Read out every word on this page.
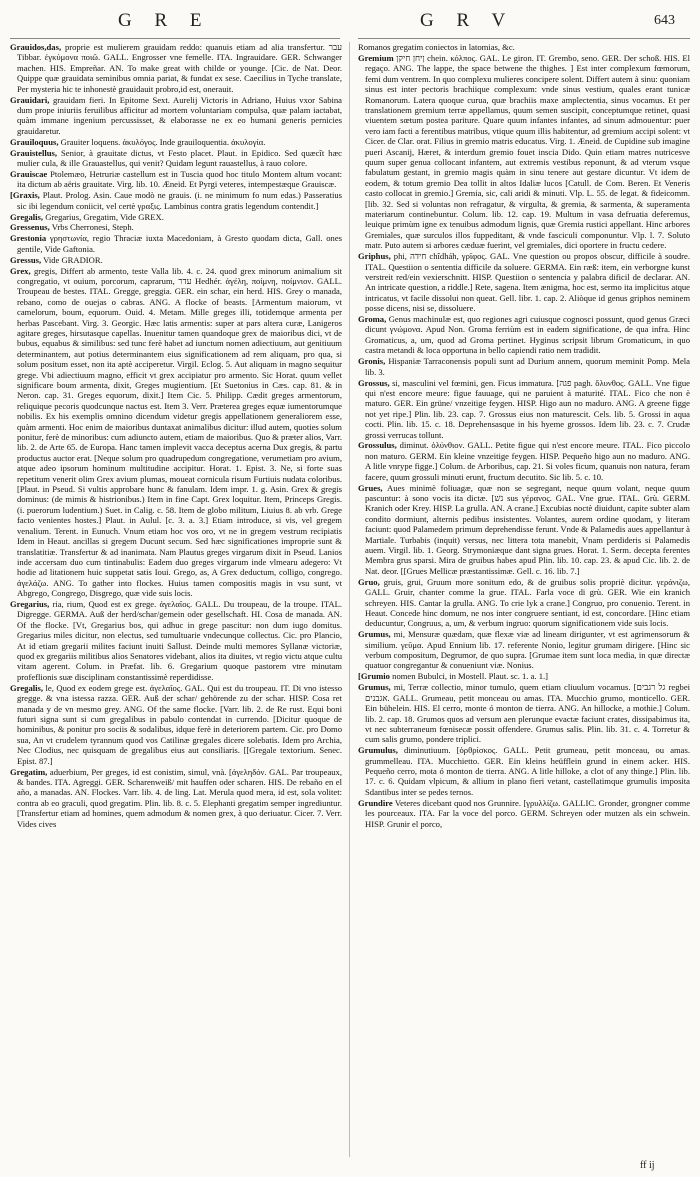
G R E	G R V	643

Grauidos,das, proprie est mulierem grauidam reddo: quanuis etiam ad alia transfertur. עבר Tibbar. ἐγκύμονα ποιῶ. GALL. Engrosser vne femelle. ITA. Ingrauidare. GER. Schwanger machen. HIS. Empreñar. AN. To make great with childe or younge. [Cic. de Nat. Deor. Quippe quæ grauidata seminibus omnia pariat, & fundat ex sese. Caecilius in Tyche translate, Per mysteria hic te inhonestè grauidauit probro,id est, onerauit.

Grauidari, grauidam fieri. In Epitome Sext. Aurelij Victoris in Adriano, Huius vxor Sabina dum prope iniuriis feruilibus afficitur ad mortem voluntariam compulsa, quæ palam iactabat, quàm immane ingenium percussisset, & elaborasse ne ex eo humani generis pernicies grauidaretur.

Grauiloquus, Grauiter loquens. ἀκυλόγος. Inde grauiloquentia. ἀκυλογία.

Grauistellus, Senior, à grauitate dictus, vt Festo placet. Plaut. in Epidico. Sed quæcît hæc mulier cula, & ille Grauastellus, qui venit? Quidam legunt rauastellus, à rauo colore.

Grauiscae Ptolemæo, Hetruriæ castellum est in Tuscia quod hoc titulo Montem altum vocant: ita dictum ab aëris grauitate. Virg. lib. 10. Æneid. Et Pyrgi veteres, intempestæque Grauiscæ.

[Graxis, Plaut. Prolog. Asin. Caue modò ne grauis. (i. ne minimum fo num edas.) Passeratius sic ibi legendum coniicit, vel certè γραξις. Lambinus contra gratis legendum contendit.]

Gregalis, Gregarius, Gregatim, Vide GREX.

Gressenus, Vrbs Cherronesi, Steph.

Grestonia γρηστωνία, regio Thraciæ iuxta Macedoniam, à Gresto quodam dicta, Gall. ones gentile, Vide Gaftonia.

Gressus, Vide GRADIOR.

Grex, gregis, Differt ab armento, teste Valla lib. 4. c. 24. quod grex minorum animalium sit congregatio, vt ouium, porcorum, caprarum, עדר Hedhér. ἀγέλη, ποίμνη, ποίμνιον. GALL. Troupeau de bestes. ITAL. Gregge, greggia. GER. ein schar, ein herd. HIS. Grey o manada, rebano, como de ouejas o cabras. ANG. A flocke of beasts. [Armentum maiorum, vt camelorum, boum, equorum. Ouid. 4. Metam. Mille greges illi, totidemque armenta per herbas Pascebant. Virg. 3. Georgic. Hæc latis armentis: super at pars altera curæ, Lanigeros agitare greges, hirsutasque capellas. Inuenitur tamen quandoque grex de maioribus dici, vt de bubus, equabus & similibus: sed tunc ferè habet ad iunctum nomen adiectiuum, aut genitiuum determinantem, aut potius determinantem eius significationem ad rem aliquam, pro qua, si solum positum esset, non ita aptè acciperetur. Virgil. Eclog. 5. Aut aliquam in magno sequitur grege. Vbi adiectiuum magno, efficit vt grex accipiatur pro armento. Sic Horat. quum vellet significare boum armenta, dixit, Greges mugientium. [Et Suetonius in Cæs. cap. 81. & in Neron. cap. 31. Greges equorum, dixit.] Item Cic. 5. Philipp. Cædit greges armentorum, reliquique pecoris quodcunque nactus est. Item 3. Verr. Præterea greges equæ iumentorumque nobilis. Ex his exemplis omnino dicendum videtur gregis appellationem generaliorem esse, quàm armenti. Hoc enim de maioribus duntaxat animalibus dicitur: illud autem, quoties solum ponitur, ferè de minoribus: cum adiuncto autem, etiam de maioribus. Quo & præter alios, Varr. lib. 2. de Arte 65. de Europa. Hanc tamen implevit vacca deceptus acerna Dux gregis, & partu productus auctor erat. [Neque solum pro quadrupedum congregatione, verumetiam pro avium, atque adeo ipsorum hominum multitudine accipitur. Horat. 1. Epist. 3. Ne, si forte suas repetitum venerit olim Grex avium plumas, moueat cornicula risum Furtiuis nudata coloribus. [Plaut. in Pseud. Si vultis approbare hunc & fanulam. Idem impr. 1. g. Asin. Grex & gregis dominus: (de mimis & histrionibus.) Item in fine Capt. Grex loquitur. Item, Princeps Gregis. (i. puerorum ludentium.) Suet. in Calig. c. 58. Item de globo militum, Liuius 8. ab vrb. Grege facto venientes hostes.] Plaut. in Aulul. [c. 3. a. 3.] Etiam introduce, si vis, vel gregem venalium. Terent. in Eunuch. Vnum etiam hoc vos oro, vt ne in gregem vestrum recipiatis Idem in Heaut. ancillas si gregem Ducunt secum. Sed hæc significationes improprie sunt & translatitiæ. Transfertur & ad inanimata. Nam Plautus greges virgarum dixit in Pseud. Lanios inde accersam duo cum tintinabulis: Eadem duo greges virgarum inde vlmearu adegero: Vt hodie ad litationem huic suppetat satis Ioui. Grego, as, A Grex deductum, colligo, congrego. ἀγελάζω. ANG. To gather into flockes. Huius tamen compositis magis in vsu sunt, vt Abgrego, Congrego, Disgrego, quæ vide suis locis.

Gregarius, ria, rium, Quod est ex grege. ἀγελαῖος. GALL. Du troupeau, de la troupe. ITAL. Digregge. GERMA. Auß der herd/schar/gemein oder gesellschaft. HI. Cosa de manada. AN. Of the flocke. [Vt, Gregarius bos, qui adhuc in grege pascitur: non dum iugo domitus. Gregarius miles dicitur, non electus, sed tumultuarie vndecunque collectus. Cic. pro Plancio, At id etiam gregarii milites faciunt inuiti Sallust. Deinde multi memores Syllanæ victoriæ, quod ex gregariis militibus alios Senatores videbant, alios ita diuites, vt regio victu atque cultu vitam agerent. Colum. in Præfat. lib. 6. Gregarium quoque pastorem vtre minutam profeflionis suæ disciplinam constantissimè reperdidisse.

Gregalis, le, Quod ex eodem grege est. ἀγελαῖος. GAL. Qui est du troupeau. IT. Di vno istesso gregge. & vna istessa razza. GER. Auß der schar/ gehörende zu der schar. HISP. Cosa ret manada y de vn mesmo grey. ANG. Of the same flocke. [Varr. lib. 2. de Re rust. Equi boni futuri signa sunt si cum gregalibus in pabulo contendat in currendo. [Dicitur quoque de hominibus, & ponitur pro sociis & sodalibus, idque ferè in deteriorem partem. Cic. pro Domo sua, An vt crudelem tyrannum quod vos Catilinæ gregales dicere solebatis. Idem pro Archia, Nec Clodius, nec quisquam de gregalibus eius aut consiliaris. [[Gregale textorium. Senec. Epist. 87.]

Gregatim, aduerbium, Per greges, id est conistim, simul, vnà. [ἀγεληδόν. GAL. Par troupeaux, & bandes. ITA. Agreggi. GER. Scharenweiß/ mit hauffen oder scharen. HIS. De rebaño en el año, a manadas. AN. Flockes. Varr. lib. 4. de ling. Lat. Merula quod mera, id est, sola volitet: contra ab eo graculi, quod gregatim. Plin. lib. 8. c. 5. Elephanti gregatim semper ingrediuntur. [Transfertur etiam ad homines, quem admodum & nomen grex, à quo deriuatur. Cicer. 7. Verr. Vides cives

Romanos gregatim coniectos in latomias, &c.

Gremium ןיחן חיקן chein. κόλπος. GAL. Le giron. IT. Grembo, seno. GER. Der schoß. HIS. El regaço. ANG. The lappe, the space betwene the thighes. ] Est inter complexum fœmorum, femi dum ventrem. In quo complexu mulieres concipere solent. Differt autem à sinu: quoniam sinus est inter pectoris brachiique complexum: vnde sinus vestium, quales erant tunicæ Romanorum. Latera quoque curua, quæ brachiis maxe amplectentia, sinus vocamus. Et per translationem gremium terræ appellamus, quum semen suscipit, conceptumque retinet, quasi viuentem sœtum postea pariture. Quare quum infantes infantes, ad sinum admouentur: puer vero iam facti a ferentibus matribus, vtique quum illis habitentur, ad gremium accipi solent: vt Cicer. de Clar. orat. Filius in gremio matris educatus. Virg. 1. Æneid. de Cupidine sub imagine pueri Ascanij, Hæret, & interdum gremio fouet inscia Dido. Quin etiam matres nutricesve quum super genua collocant infantem, aut extremis vestibus reponunt, & ad vterum vsque fabulatum gestant, in gremio magis quàm in sinu tenere aut gestare dicuntur. Vt idem de eodem, & totum gremio Dea tollit in altos Idaliæ lucos [Catull. de Com. Beren. Et Veneris casto collocat in gremio.] Gremia, sic, cali aridi & minuti. Vlp. L. 55. de legat. & fideicomm. [lib. 32. Sed si voluntas non refragatur, & virgulta, & gremia, & sarmenta, & superamenta materiarum continebuntur. Colum. lib. 12. cap. 19. Multum in vasa defruatia deferemus, leuique primùm igne ex tenuibus admodum lignis, quæ Gremia rustici appellant. Hinc arbores Gremiales, quæ surculos illos fuppeditant, & vnde fasciculi componuntur. Vlp. l. 7. Soluto matr. Puto autem si arbores cæduæ fuerint, vel gremiales, dici oportere in fructu cedere.

Griphus, phi, חידה chîdháh, γρῖφος. GAL. Vne question ou propos obscur, difficile à soudre. ITAL. Questiion o sententia difficile da soluere. GERMA. Ein ræß: item, ein verborgne kunst verstreit red/ein vexierschnitt. HISP. Questiion o sentencia y palabra dificil de declarar. AN. An intricate question, a riddle.] Rete, sagena. Item ænigma, hoc est, sermo ita implicitus atque intricatus, vt facile dissolui non queat. Gell. libr. 1. cap. 2. Aliòque id genus griphos neminem posse dicens, nisi se, dissoluere.

Groma, Genus machinulæ est, quo regiones agri cuiusque cognosci possunt, quod genus Græci dicunt γνώμονα. Apud Non. Groma ferriùm est in eadem significatione, de qua infra. Hinc Gromaticus, a, um, quod ad Groma pertinet. Hyginus scripsit librum Gromaticum, in quo castra metandi & loca opportuna in bello capiendi ratio nem tradidit.

Gronis, Hispaniæ Tarraconensis populi sunt ad Durium annem, quorum meminit Pomp. Mela lib. 3.

Grossus, si, masculini vel fœmini, gen. Ficus immatura. [פגה pagh. ὄλυνθος. GALL. Vne figue qui n'est encore meure: figue fauuage, qui ne paruient à maturité. ITAL. Fico che non è maturo. GER. Ein grüne/ vnzeitige feygen. HISP. Higo aun no maduro. ANG. A greene figge not yet ripe.] Plin. lib. 23. cap. 7. Grossus eius non maturescit. Cels. lib. 5. Grossi in aqua cocti. Plin. lib. 15. c. 18. Deprehensasque in his hyeme grossos. Idem lib. 23. c. 7. Crudæ grossi verrucas tollunt.

Grossulus, diminut. ὀλύνθιον. GALL. Petite figue qui n'est encore meure. ITAL. Fico piccolo non maturo. GERM. Ein kleine vnzeitige feygen. HISP. Pequeño higo aun no maduro. ANG. A litle vnrype figge.] Colum. de Arboribus, cap. 21. Si voles ficum, quanuis non natura, feram facere, quum grossuli minuti erunt, fructum decutito. Sic lib. 5. c. 10.

Grues, Aues minimè foliuagæ, quæ non se segregant, neque quum volant, neque quum pascuntur: à sono vocis ita dictæ. [נשׁ sus γέρανος. GAL. Vne grue. ITAL. Grù. GERM. Kranich oder Krey. HISP. La grulla. AN. A crane.] Excubias noctè diuidunt, capite subter alam condito dormiunt, alternis pedibus insistentes. Volantes, aurem ordine quodam, y literam faciunt: quod Palamedem primum deprehendisse ferunt. Vnde & Palamedis aues appellantur à Martiale. Turbabis (inquit) versus, nec littera tota manebit, Vnam perdideris si Palamedis auem. Virgil. lib. 1. Georg. Strymoniæque dant signa grues. Horat. 1. Serm. decepta ferentes Membra grus sparsi. Mira de gruibus habes apud Plin. lib. 10. cap. 23. & apud Cic. lib. 2. de Nat. deor. [[Grues Mellicæ præstantissimæ. Gell. c. 16. lib. 7.]

Gruo, gruis, grui, Gruum more sonitum edo, & de gruibus solis propriè dicitur. γεράνιζω, GALL. Gruir, chanter comme la grue. ITAL. Farla voce di grù. GER. Wie ein kranich schreyen. HIS. Cantar la grulla. ANG. To crie lyk a crane.] Congruo, pro conuenio. Terent. in Heaut. Concede hinc domum, ne nos inter congruere sentiant, id est, concordare. [Hinc etiam deducuntur, Congruus, a, um, & verbum ingruo: quorum significationem vide suis locis.

Grumus, mi, Mensuræ quædam, quæ flexæ viæ ad lineam dirigunter, vt est agrimensorum & similium. γεῦμα. Apud Ennium lib. 17. referente Nonio, legitur grumam dirigere. [Hinc sic verbum compositum, Degrumor, de quo supra. [Grumae item sunt loca media, in quæ directæ quatuor congregantur & conueniunt viæ. Nonius.

[Grumio nomen Bubulci, in Mostell. Plaut. sc. 1. a. 1.]

Grumus, mi, Terræ collectio, minor tumulo, quem etiam cliuulum vocamus. [גל רגבים regbei אגבנים. GALL. Grumeau, petit monceau ou amas. ITA. Mucchio grumo, monticello. GER. Ein bühelein. HIS. El cerro, monte ó monton de tierra. ANG. An hillocke, a mothie.] Colum. lib. 2. cap. 18. Grumos quos ad versum aen plerunque evactæ faciunt crates, dissipabimus ita, vt nec subterraneum fœnisecæ possit offendere. Grumus salis. Plin. lib. 31. c. 4. Torretur & cum salis grumo, pondere triplici.

Grumulus, diminutiuum. [ὀρθρίσκος. GALL. Petit grumeau, petit monceau, ou amas. grummelleau. ITA. Mucchietto. GER. Ein kleins heüfflein grund in einem acker. HIS. Pequeño cerro, mota ó monton de tierra. ANG. A litle hilloke, a clot of any thinge.] Plin. lib. 17. c. 6. Quidam vlpicum, & allium in plano fieri vetant, castellatimque grumulis imposita Sdantibus inter se pedes ternos.

Grundire Veteres dicebant quod nos Grunnire. [γρυλλίζω. GALLIC. Gronder, grongner comme les pourceaux. ITA. Far la voce del porco. GERM. Schreyen oder mutzen als ein schwein. HISP. Grunir el porco,

ff ij
